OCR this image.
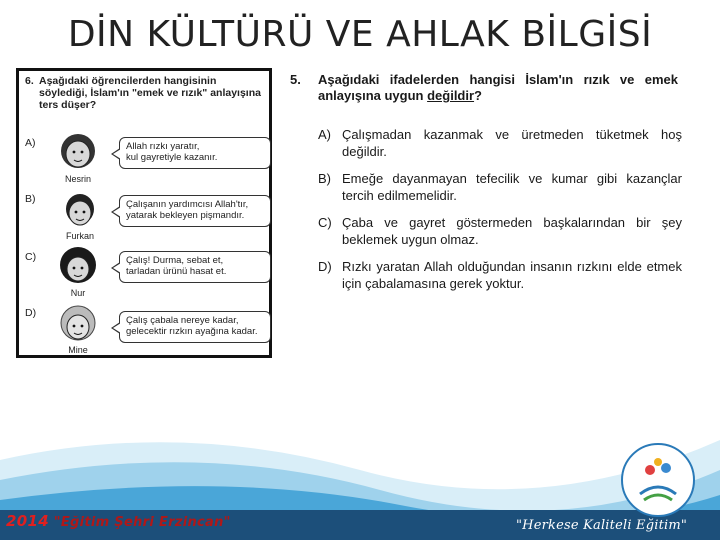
DİN KÜLTÜRÜ VE AHLAK BİLGİSİ
6. Aşağıdaki öğrencilerden hangisinin söylediği, İslam'ın "emek ve rızık" anlayışına ters düşer?
A)
Nesrin
Allah rızkı yaratır,
kul gayretiyle kazanır.
B)
Furkan
Çalışanın yardımcısı Allah'tır,
yatarak bekleyen pişmandır.
C)
Nur
Çalış! Durma, sebat et,
tarladan ürünü hasat et.
D)
Mine
Çalış çabala nereye kadar,
gelecektir rızkın ayağına kadar.
5. Aşağıdaki ifadelerden hangisi İslam'ın rızık ve emek anlayışına uygun değildir?
A) Çalışmadan kazanmak ve üretmeden tüketmek hoş değildir.
B) Emeğe dayanmayan tefecilik ve kumar gibi kazançlar tercih edilmemelidir.
C) Çaba ve gayret göstermeden başkalarından bir şey beklemek uygun olmaz.
D) Rızkı yaratan Allah olduğundan insanın rızkını elde etmek için çabalamasına gerek yoktur.
2014 "Eğitim Şehri Erzincan"	"Herkese Kaliteli Eğitim"
